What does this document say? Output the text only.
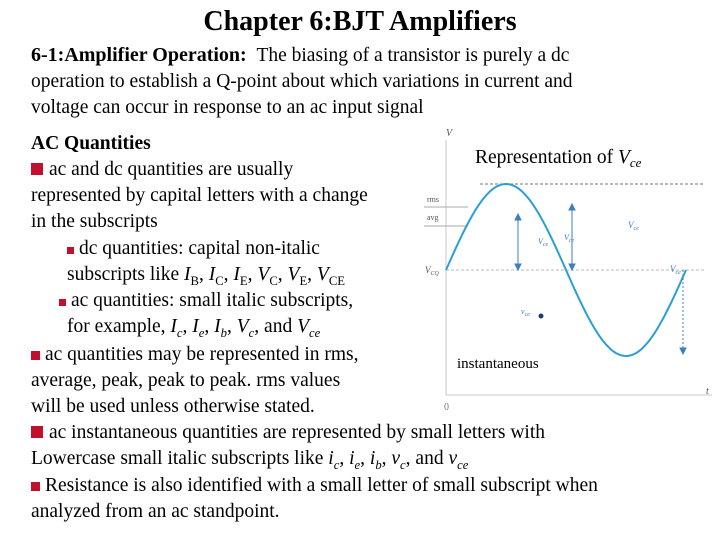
Chapter 6:BJT Amplifiers
6-1:Amplifier Operation: The biasing of a transistor is purely a dc
operation to establish a Q-point about which variations in current and
voltage can occur in response to an ac input signal
AC Quantities
ac and dc quantities are usually
represented by capital letters with a change
in the subscripts
dc quantities: capital non-italic
subscripts like $I_B$, $I_C$, $I_E$, $V_C$, $V_E$, $V_{CE}$
ac quantities: small italic subscripts,
for example, $I_c$, $I_e$, $I_b$, $V_c$, and $V_{ce}$
ac quantities may be represented in rms,
average, peak, peak to peak. rms values
will be used unless otherwise stated.
ac instantaneous quantities are represented by small letters with
Lowercase small italic subscripts like $i_c$, $i_e$, $i_b$, $v_c$, and $v_{ce}$
Resistance is also identified with a small letter of small subscript when
analyzed from an ac standpoint.
V
t
0
Representation of $V_{ce}$
rms
avg
$V_{CQ}$
$V_{ce}$
$V_{ce}$
$V_{ce}$
$V_{ce}$
$v_{ce}$
instantaneous
